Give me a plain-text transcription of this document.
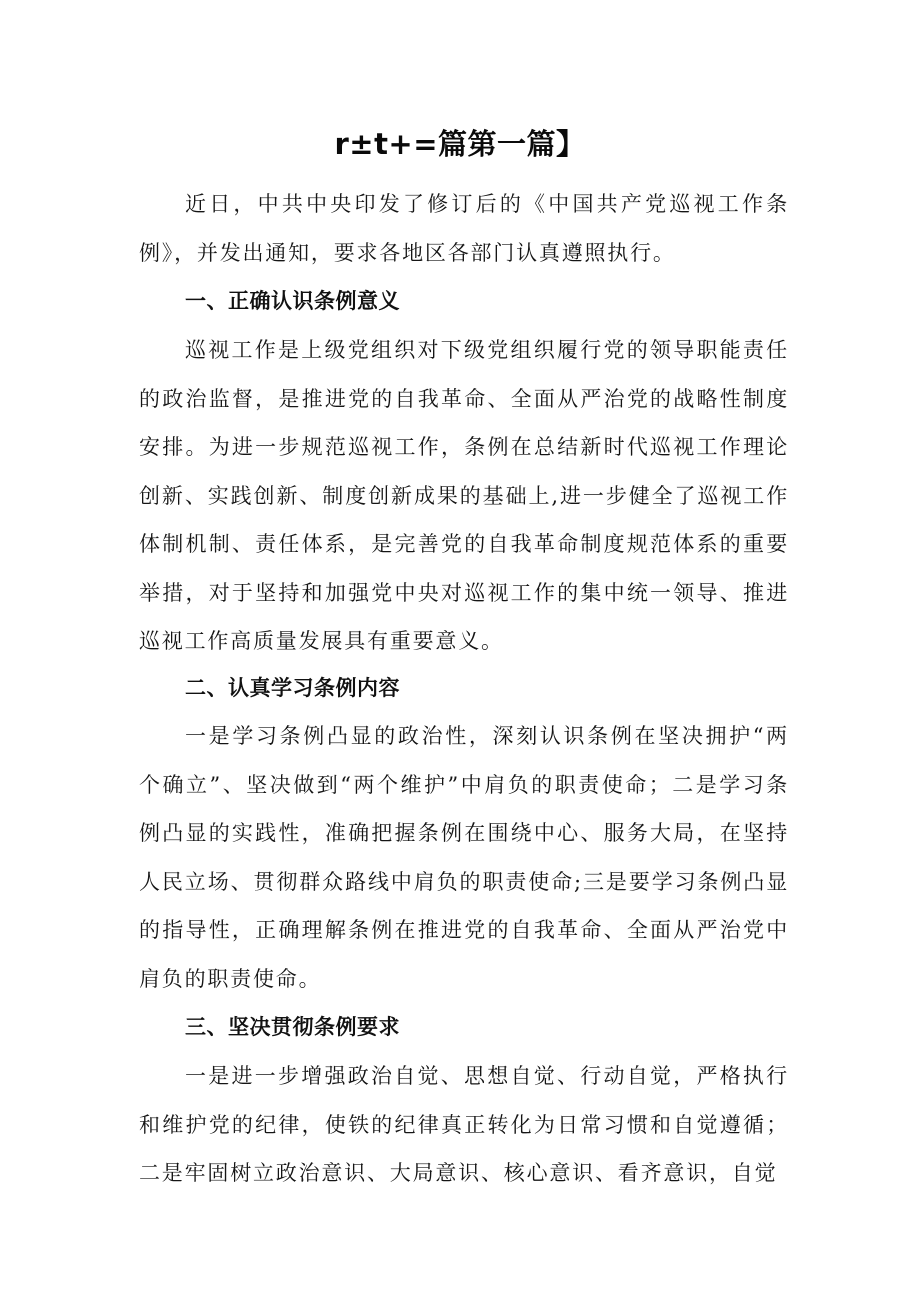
r±t+=篇第一篇】

近日，中共中央印发了修订后的《中国共产党巡视工作条例》，并发出通知，要求各地区各部门认真遵照执行。

一、正确认识条例意义

巡视工作是上级党组织对下级党组织履行党的领导职能责任的政治监督，是推进党的自我革命、全面从严治党的战略性制度安排。为进一步规范巡视工作，条例在总结新时代巡视工作理论创新、实践创新、制度创新成果的基础上,进一步健全了巡视工作体制机制、责任体系，是完善党的自我革命制度规范体系的重要举措，对于坚持和加强党中央对巡视工作的集中统一领导、推进巡视工作高质量发展具有重要意义。

二、认真学习条例内容

一是学习条例凸显的政治性，深刻认识条例在坚决拥护“两个确立”、坚决做到“两个维护”中肩负的职责使命；二是学习条例凸显的实践性，准确把握条例在围绕中心、服务大局，在坚持人民立场、贯彻群众路线中肩负的职责使命;三是要学习条例凸显的指导性，正确理解条例在推进党的自我革命、全面从严治党中肩负的职责使命。

三、坚决贯彻条例要求

一是进一步增强政治自觉、思想自觉、行动自觉，严格执行和维护党的纪律，使铁的纪律真正转化为日常习惯和自觉遵循；二是牢固树立政治意识、大局意识、核心意识、看齐意识，自觉
